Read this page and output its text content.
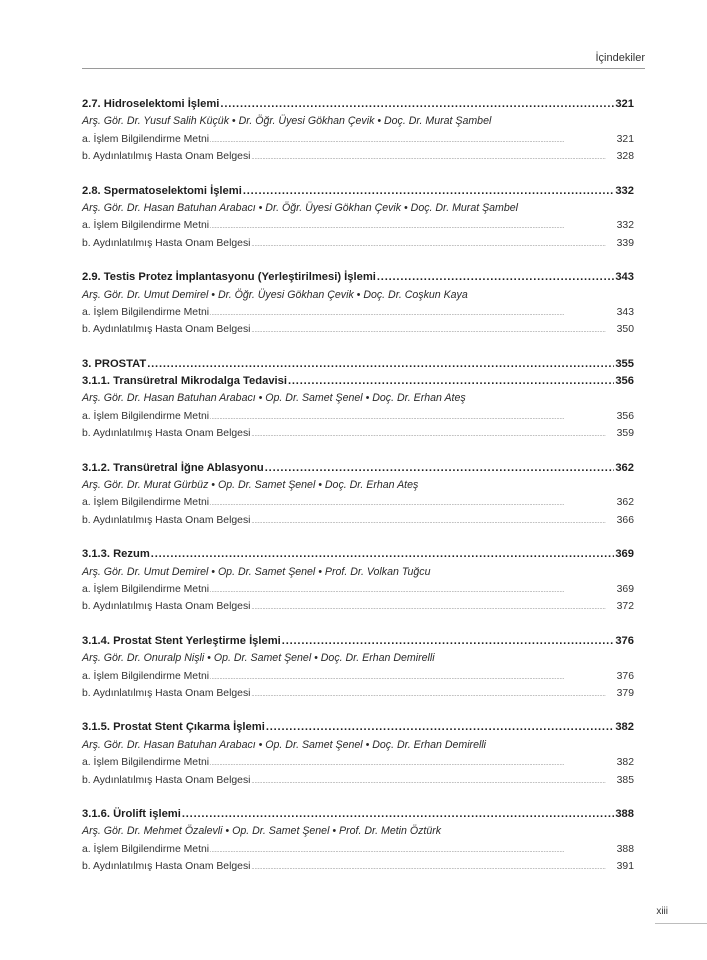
İçindekiler
2.7. Hidroselektomi İşlemi .....	321
Arş. Gör. Dr. Yusuf Salih Küçük • Dr. Öğr. Üyesi Gökhan Çevik • Doç. Dr. Murat Şambel
a. İşlem Bilgilendirme Metni .....	321
b. Aydınlatılmış Hasta Onam Belgesi .....	328
2.8. Spermatoselektomi İşlemi .....	332
Arş. Gör. Dr. Hasan Batuhan Arabacı • Dr. Öğr. Üyesi Gökhan Çevik • Doç. Dr. Murat Şambel
a. İşlem Bilgilendirme Metni .....	332
b. Aydınlatılmış Hasta Onam Belgesi .....	339
2.9. Testis Protez İmplantasyonu (Yerleştirilmesi) İşlemi .....	343
Arş. Gör. Dr. Umut Demirel • Dr. Öğr. Üyesi Gökhan Çevik • Doç. Dr. Coşkun Kaya
a. İşlem Bilgilendirme Metni .....	343
b. Aydınlatılmış Hasta Onam Belgesi .....	350
3. PROSTAT .....	355
3.1.1. Transüretral Mikrodalga Tedavisi .....	356
Arş. Gör. Dr. Hasan Batuhan Arabacı • Op. Dr. Samet Şenel • Doç. Dr. Erhan Ateş
a. İşlem Bilgilendirme Metni .....	356
b. Aydınlatılmış Hasta Onam Belgesi .....	359
3.1.2. Transüretral İğne Ablasyonu .....	362
Arş. Gör. Dr. Murat Gürbüz • Op. Dr. Samet Şenel • Doç. Dr. Erhan Ateş
a. İşlem Bilgilendirme Metni .....	362
b. Aydınlatılmış Hasta Onam Belgesi .....	366
3.1.3. Rezum .....	369
Arş. Gör. Dr. Umut Demirel • Op. Dr. Samet Şenel • Prof. Dr. Volkan Tuğcu
a. İşlem Bilgilendirme Metni .....	369
b. Aydınlatılmış Hasta Onam Belgesi .....	372
3.1.4. Prostat Stent Yerleştirme İşlemi .....	376
Arş. Gör. Dr. Onuralp Nişli • Op. Dr. Samet Şenel • Doç. Dr. Erhan Demirelli
a. İşlem Bilgilendirme Metni .....	376
b. Aydınlatılmış Hasta Onam Belgesi .....	379
3.1.5. Prostat Stent Çıkarma İşlemi .....	382
Arş. Gör. Dr. Hasan Batuhan Arabacı • Op. Dr. Samet Şenel • Doç. Dr. Erhan Demirelli
a. İşlem Bilgilendirme Metni .....	382
b. Aydınlatılmış Hasta Onam Belgesi .....	385
3.1.6. Ürolift işlemi .....	388
Arş. Gör. Dr. Mehmet Özalevli • Op. Dr. Samet Şenel • Prof. Dr. Metin Öztürk
a. İşlem Bilgilendirme Metni .....	388
b. Aydınlatılmış Hasta Onam Belgesi .....	391
xiii
